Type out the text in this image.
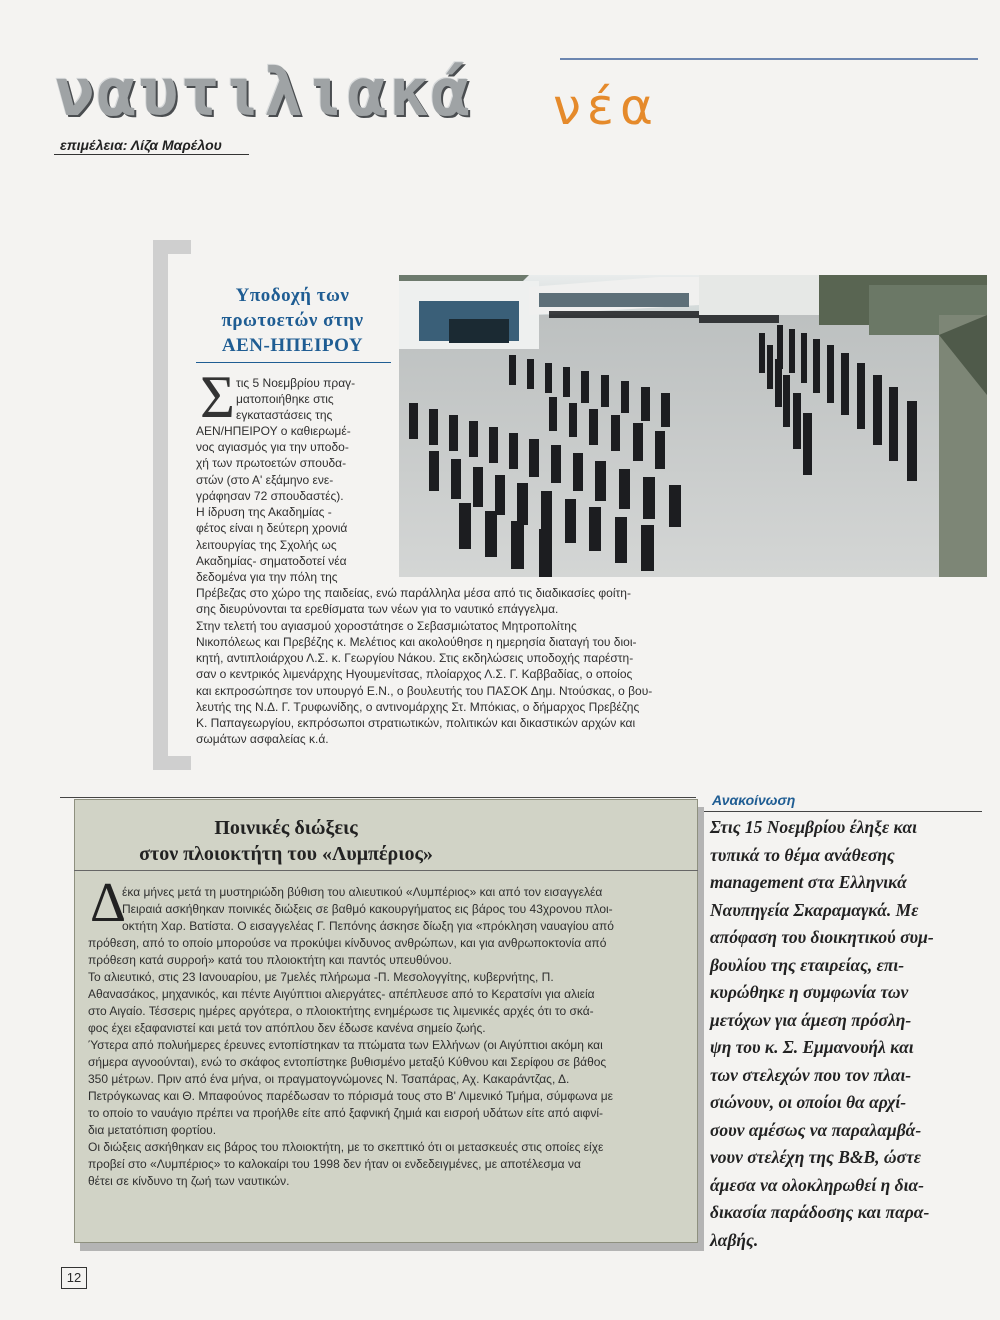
ναυτιλιακά νέα
επιμέλεια: Λίζα Μαρέλου
Υποδοχή των
πρωτοετών στην
ΑΕΝ-ΗΠΕΙΡΟΥ
Σ τις 5 Νοεμβρίου πραγ-
ματοποιήθηκε στις
εγκαταστάσεις της
ΑΕΝ/ΗΠΕΙΡΟΥ ο καθιερωμέ-
νος αγιασμός για την υποδο-
χή των πρωτοετών σπουδα-
στών (στο Α' εξάμηνο ενε-
γράφησαν 72 σπουδαστές).
Η ίδρυση της Ακαδημίας -
φέτος είναι η δεύτερη χρονιά
λειτουργίας της Σχολής ως
Ακαδημίας- σηματοδοτεί νέα
δεδομένα για την πόλη της
Πρέβεζας στο χώρο της παιδείας, ενώ παράλληλα μέσα από τις διαδικασίες φοίτη-
σης διευρύνονται τα ερεθίσματα των νέων για το ναυτικό επάγγελμα.
Στην τελετή του αγιασμού χοροστάτησε ο Σεβασμιώτατος Μητροπολίτης
Νικοπόλεως και Πρεβέζης κ. Μελέτιος και ακολούθησε η ημερησία διαταγή του διοι-
κητή, αντιπλοιάρχου Λ.Σ. κ. Γεωργίου Νάκου. Στις εκδηλώσεις υποδοχής παρέστη-
σαν ο κεντρικός λιμενάρχης Ηγουμενίτσας, πλοίαρχος Λ.Σ. Γ. Καββαδίας, ο οποίος
και εκπροσώπησε τον υπουργό Ε.Ν., ο βουλευτής του ΠΑΣΟΚ Δημ. Ντούσκας, ο βου-
λευτής της Ν.Δ. Γ. Τρυφωνίδης, ο αντινομάρχης Στ. Μπόκιας, ο δήμαρχος Πρεβέζης
Κ. Παπαγεωργίου, εκπρόσωποι στρατιωτικών, πολιτικών και δικαστικών αρχών και
σωμάτων ασφαλείας κ.ά.
Ποινικές διώξεις
στον πλοιοκτήτη του «Λυμπέριος»
Δ
έκα μήνες μετά τη μυστηριώδη βύθιση του αλιευτικού «Λυμπέριος» και από τον εισαγγελέα
Πειραιά ασκήθηκαν ποινικές διώξεις σε βαθμό κακουργήματος εις βάρος του 43χρονου πλοι-
οκτήτη Χαρ. Βατίστα. Ο εισαγγελέας Γ. Πεπόνης άσκησε δίωξη για «πρόκληση ναυαγίου από
πρόθεση, από το οποίο μπορούσε να προκύψει κίνδυνος ανθρώπων, και για ανθρωποκτονία από
πρόθεση κατά συρροή» κατά του πλοιοκτήτη και παντός υπευθύνου.
Το αλιευτικό, στις 23 Ιανουαρίου, με 7μελές πλήρωμα -Π. Μεσολογγίτης, κυβερνήτης, Π.
Αθανασάκος, μηχανικός, και πέντε Αιγύπτιοι αλιεργάτες- απέπλευσε από το Κερατσίνι για αλιεία
στο Αιγαίο. Τέσσερις ημέρες αργότερα, ο πλοιοκτήτης ενημέρωσε τις λιμενικές αρχές ότι το σκά-
φος έχει εξαφανιστεί και μετά τον απόπλου δεν έδωσε κανένα σημείο ζωής.
Ύστερα από πολυήμερες έρευνες εντοπίστηκαν τα πτώματα των Ελλήνων (οι Αιγύπτιοι ακόμη και
σήμερα αγνοούνται), ενώ το σκάφος εντοπίστηκε βυθισμένο μεταξύ Κύθνου και Σερίφου σε βάθος
350 μέτρων. Πριν από ένα μήνα, οι πραγματογνώμονες Ν. Τσαπάρας, Αχ. Κακαράντζας, Δ.
Πετρόγκωνας και Θ. Μπαφούνος παρέδωσαν το πόρισμά τους στο Β' Λιμενικό Τμήμα, σύμφωνα με
το οποίο το ναυάγιο πρέπει να προήλθε είτε από ξαφνική ζημιά και εισροή υδάτων είτε από αιφνί-
δια μετατόπιση φορτίου.
Οι διώξεις ασκήθηκαν εις βάρος του πλοιοκτήτη, με το σκεπτικό ότι οι μετασκευές στις οποίες είχε
προβεί στο «Λυμπέριος» το καλοκαίρι του 1998 δεν ήταν οι ενδεδειγμένες, με αποτέλεσμα να
θέτει σε κίνδυνο τη ζωή των ναυτικών.
Ανακοίνωση
Στις 15 Νοεμβρίου έληξε και
τυπικά το θέμα ανάθεσης
management στα Ελληνικά
Ναυπηγεία Σκαραμαγκά. Με
απόφαση του διοικητικού συμ-
βουλίου της εταιρείας, επι-
κυρώθηκε η συμφωνία των
μετόχων για άμεση πρόσλη-
ψη του κ. Σ. Εμμανουήλ και
των στελεχών που τον πλαι-
σιώνουν, οι οποίοι θα αρχί-
σουν αμέσως να παραλαμβά-
νουν στελέχη της B&B, ώστε
άμεσα να ολοκληρωθεί η δια-
δικασία παράδοσης και παρα-
λαβής.
12
